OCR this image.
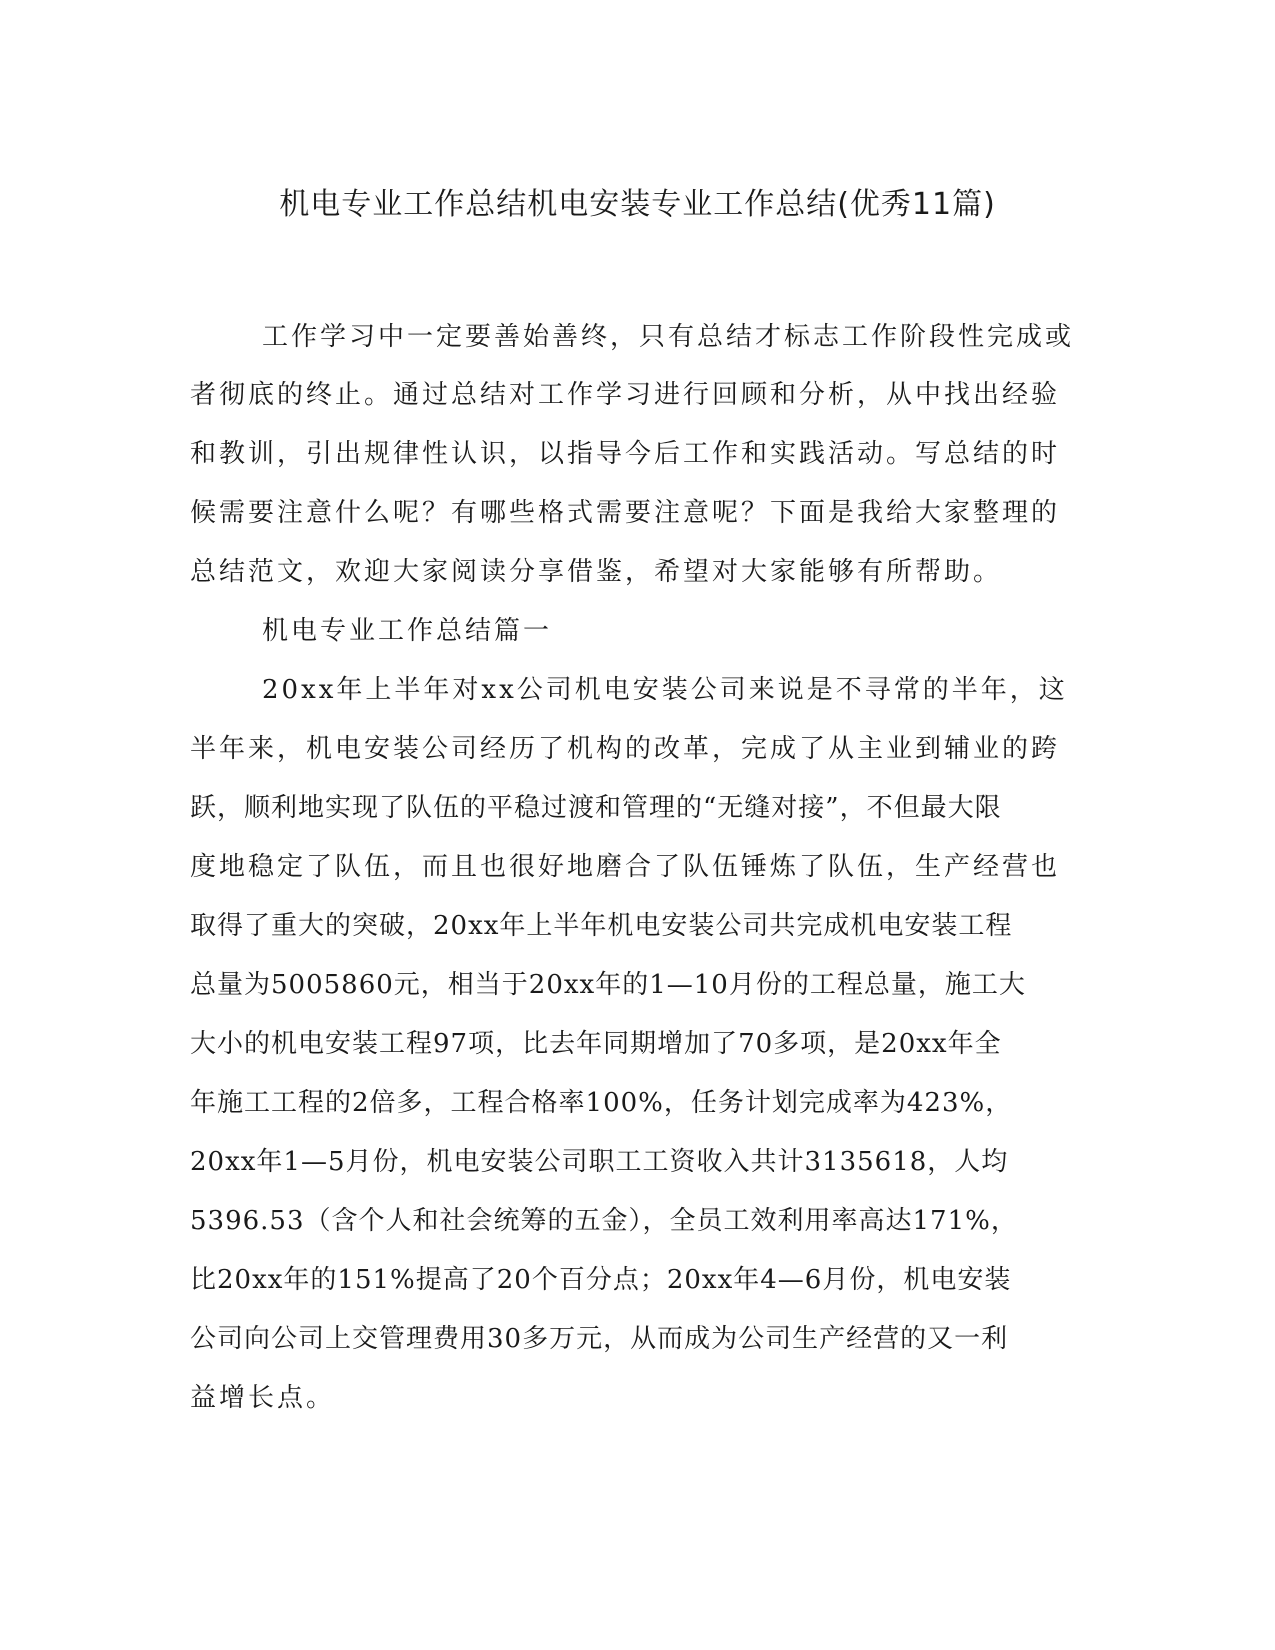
机电专业工作总结机电安装专业工作总结(优秀11篇)
工作学习中一定要善始善终，只有总结才标志工作阶段性完成或
者彻底的终止。通过总结对工作学习进行回顾和分析，从中找出经验
和教训，引出规律性认识，以指导今后工作和实践活动。写总结的时
候需要注意什么呢？有哪些格式需要注意呢？下面是我给大家整理的
总结范文，欢迎大家阅读分享借鉴，希望对大家能够有所帮助。
机电专业工作总结篇一
20xx年上半年对xx公司机电安装公司来说是不寻常的半年，这
半年来，机电安装公司经历了机构的改革，完成了从主业到辅业的跨
跃，顺利地实现了队伍的平稳过渡和管理的“无缝对接”，不但最大限
度地稳定了队伍，而且也很好地磨合了队伍锤炼了队伍，生产经营也
取得了重大的突破，20xx年上半年机电安装公司共完成机电安装工程
总量为5005860元，相当于20xx年的1—10月份的工程总量，施工大
大小的机电安装工程97项，比去年同期增加了70多项，是20xx年全
年施工工程的2倍多，工程合格率100%，任务计划完成率为423%，
20xx年1—5月份，机电安装公司职工工资收入共计3135618，人均
5396.53（含个人和社会统筹的五金），全员工效利用率高达171%，
比20xx年的151%提高了20个百分点；20xx年4—6月份，机电安装
公司向公司上交管理费用30多万元，从而成为公司生产经营的又一利
益增长点。
